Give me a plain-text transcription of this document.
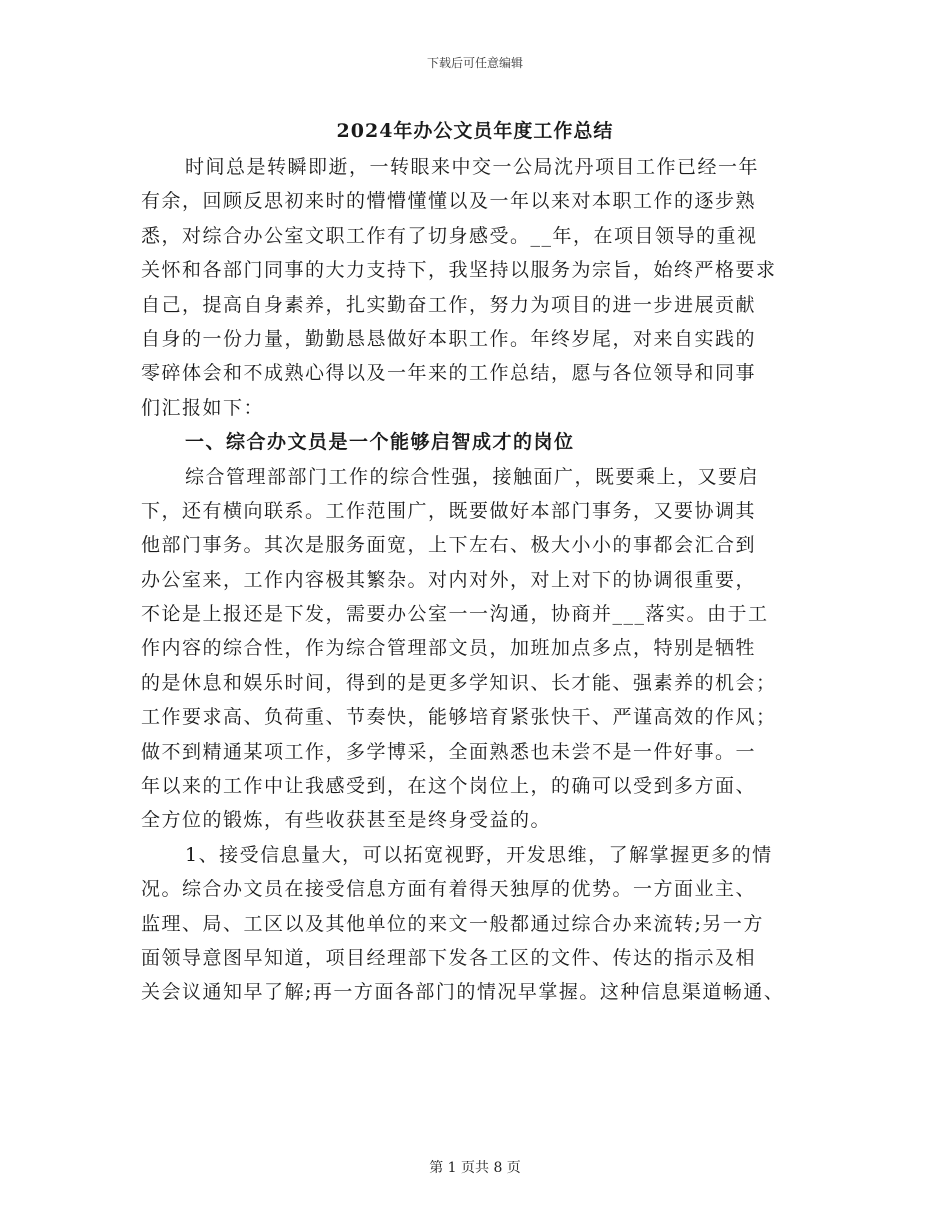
下载后可任意编辑
2024年办公文员年度工作总结
时间总是转瞬即逝，一转眼来中交一公局沈丹项目工作已经一年
有余，回顾反思初来时的懵懵懂懂以及一年以来对本职工作的逐步熟
悉，对综合办公室文职工作有了切身感受。__年，在项目领导的重视
关怀和各部门同事的大力支持下，我坚持以服务为宗旨，始终严格要求
自己，提高自身素养，扎实勤奋工作，努力为项目的进一步进展贡献
自身的一份力量，勤勤恳恳做好本职工作。年终岁尾，对来自实践的
零碎体会和不成熟心得以及一年来的工作总结，愿与各位领导和同事
们汇报如下：
一、综合办文员是一个能够启智成才的岗位
综合管理部部门工作的综合性强，接触面广，既要乘上，又要启
下，还有横向联系。工作范围广，既要做好本部门事务，又要协调其
他部门事务。其次是服务面宽，上下左右、极大小小的事都会汇合到
办公室来，工作内容极其繁杂。对内对外，对上对下的协调很重要，
不论是上报还是下发，需要办公室一一沟通，协商并___落实。由于工
作内容的综合性，作为综合管理部文员，加班加点多点，特别是牺牲
的是休息和娱乐时间，得到的是更多学知识、长才能、强素养的机会；
工作要求高、负荷重、节奏快，能够培育紧张快干、严谨高效的作风；
做不到精通某项工作，多学博采，全面熟悉也未尝不是一件好事。一
年以来的工作中让我感受到，在这个岗位上，的确可以受到多方面、
全方位的锻炼，有些收获甚至是终身受益的。
1、接受信息量大，可以拓宽视野，开发思维，了解掌握更多的情
况。综合办文员在接受信息方面有着得天独厚的优势。一方面业主、
监理、局、工区以及其他单位的来文一般都通过综合办来流转;另一方
面领导意图早知道，项目经理部下发各工区的文件、传达的指示及相
关会议通知早了解;再一方面各部门的情况早掌握。这种信息渠道畅通、
第 1 页共 8 页
